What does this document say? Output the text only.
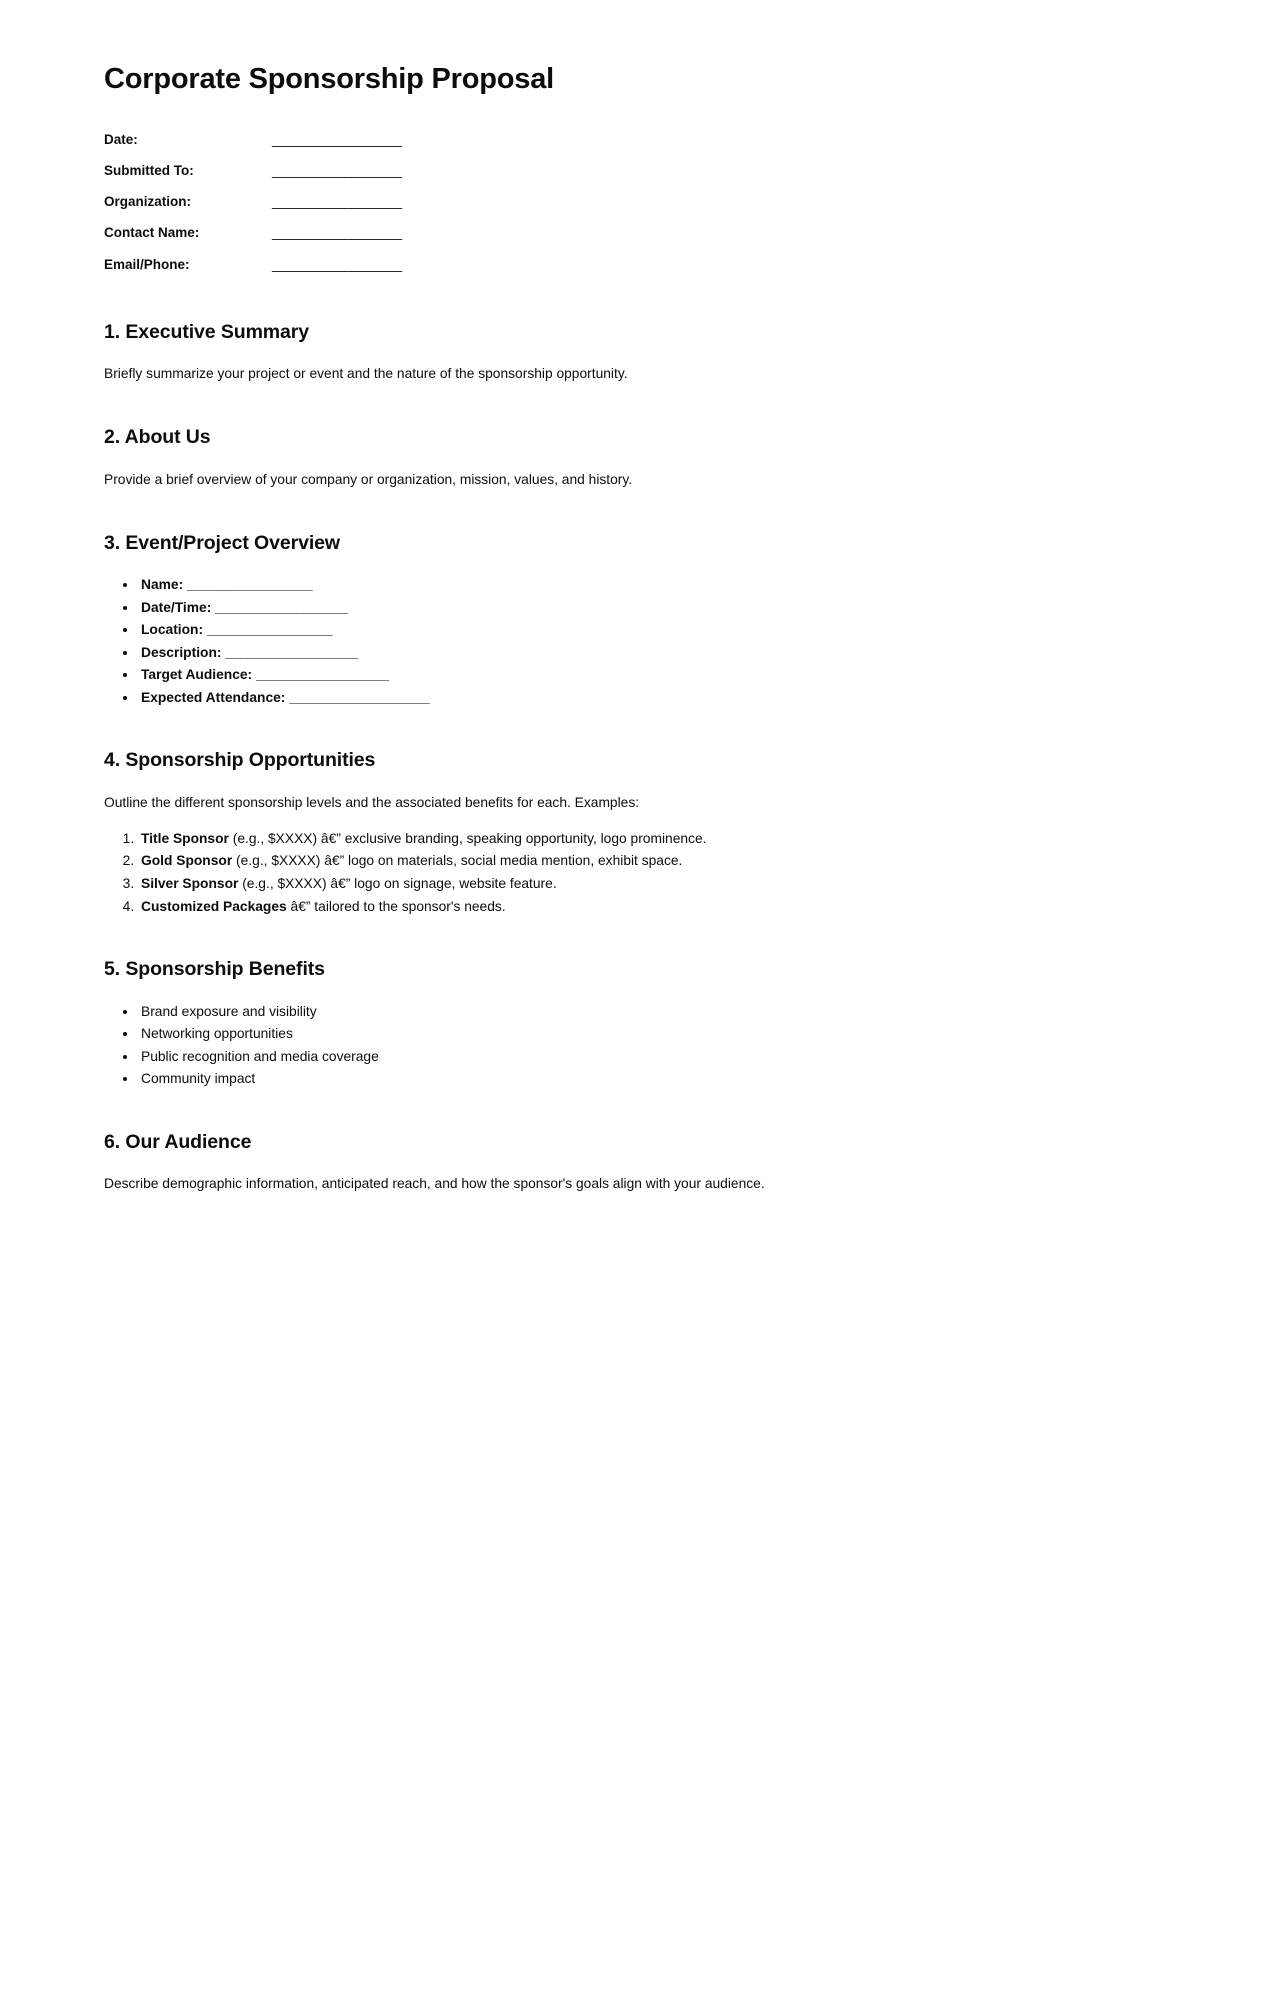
Corporate Sponsorship Proposal
Date:	__________________
Submitted To:	__________________
Organization:	__________________
Contact Name:	__________________
Email/Phone:	__________________
1. Executive Summary

Briefly summarize your project or event and the nature of the sponsorship opportunity.

2. About Us

Provide a brief overview of your company or organization, mission, values, and history.

3. Event/Project Overview
• Name: _________________
• Date/Time: __________________
• Location: _________________
• Description: __________________
• Target Audience: __________________
• Expected Attendance: ___________________
4. Sponsorship Opportunities

Outline the different sponsorship levels and the associated benefits for each. Examples:

1. Title Sponsor (e.g., $XXXX) â€” exclusive branding, speaking opportunity, logo prominence.
2. Gold Sponsor (e.g., $XXXX) â€” logo on materials, social media mention, exhibit space.
3. Silver Sponsor (e.g., $XXXX) â€” logo on signage, website feature.
4. Customized Packages â€” tailored to the sponsor's needs.
5. Sponsorship Benefits
• Brand exposure and visibility
• Networking opportunities
• Public recognition and media coverage
• Community impact
6. Our Audience

Describe demographic information, anticipated reach, and how the sponsor's goals align with your audience.
